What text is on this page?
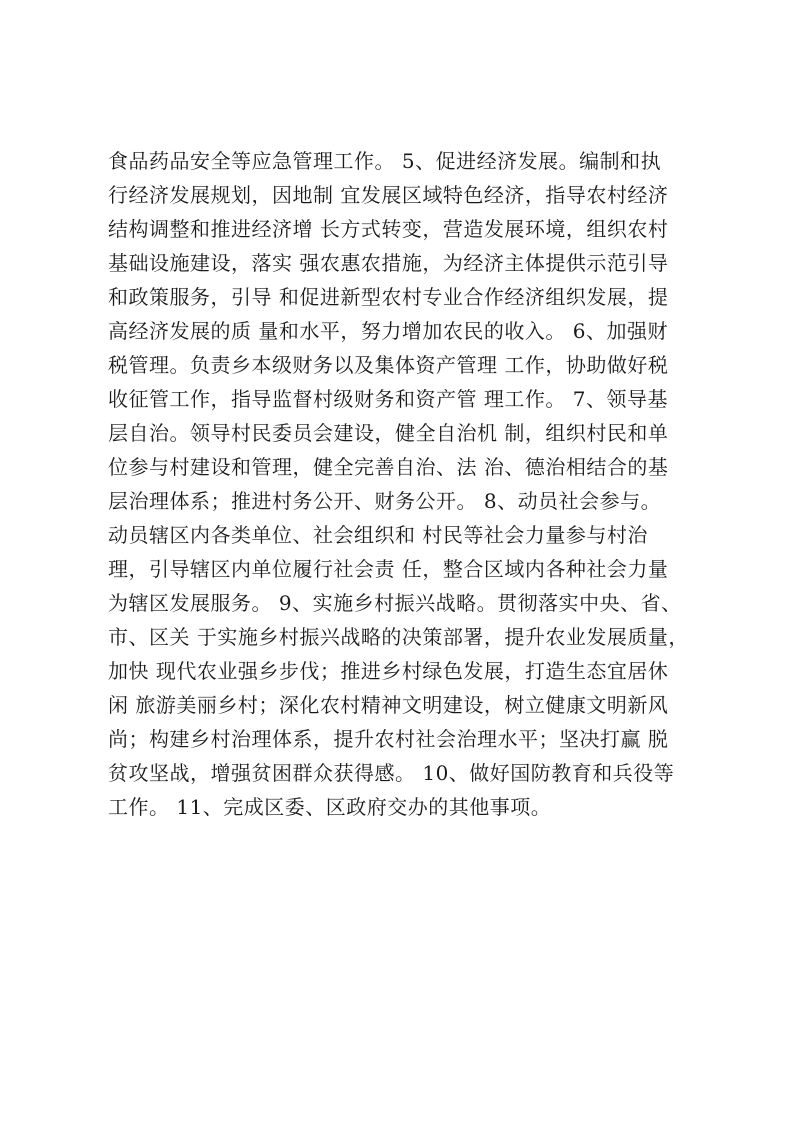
食品药品安全等应急管理工作。 5、促进经济发展。编制和执
行经济发展规划，因地制 宜发展区域特色经济，指导农村经济
结构调整和推进经济增 长方式转变，营造发展环境，组织农村
基础设施建设，落实 强农惠农措施，为经济主体提供示范引导
和政策服务，引导 和促进新型农村专业合作经济组织发展，提
高经济发展的质 量和水平，努力增加农民的收入。 6、加强财
税管理。负责乡本级财务以及集体资产管理 工作，协助做好税
收征管工作，指导监督村级财务和资产管 理工作。 7、领导基
层自治。领导村民委员会建设，健全自治机 制，组织村民和单
位参与村建设和管理，健全完善自治、法 治、德治相结合的基
层治理体系；推进村务公开、财务公开。 8、动员社会参与。
动员辖区内各类单位、社会组织和 村民等社会力量参与村治
理，引导辖区内单位履行社会责 任，整合区域内各种社会力量
为辖区发展服务。 9、实施乡村振兴战略。贯彻落实中央、省、
市、区关 于实施乡村振兴战略的决策部署，提升农业发展质量，
加快 现代农业强乡步伐；推进乡村绿色发展，打造生态宜居休
闲 旅游美丽乡村；深化农村精神文明建设，树立健康文明新风
尚；构建乡村治理体系，提升农村社会治理水平；坚决打赢 脱
贫攻坚战，增强贫困群众获得感。 10、做好国防教育和兵役等
工作。 11、完成区委、区政府交办的其他事项。
